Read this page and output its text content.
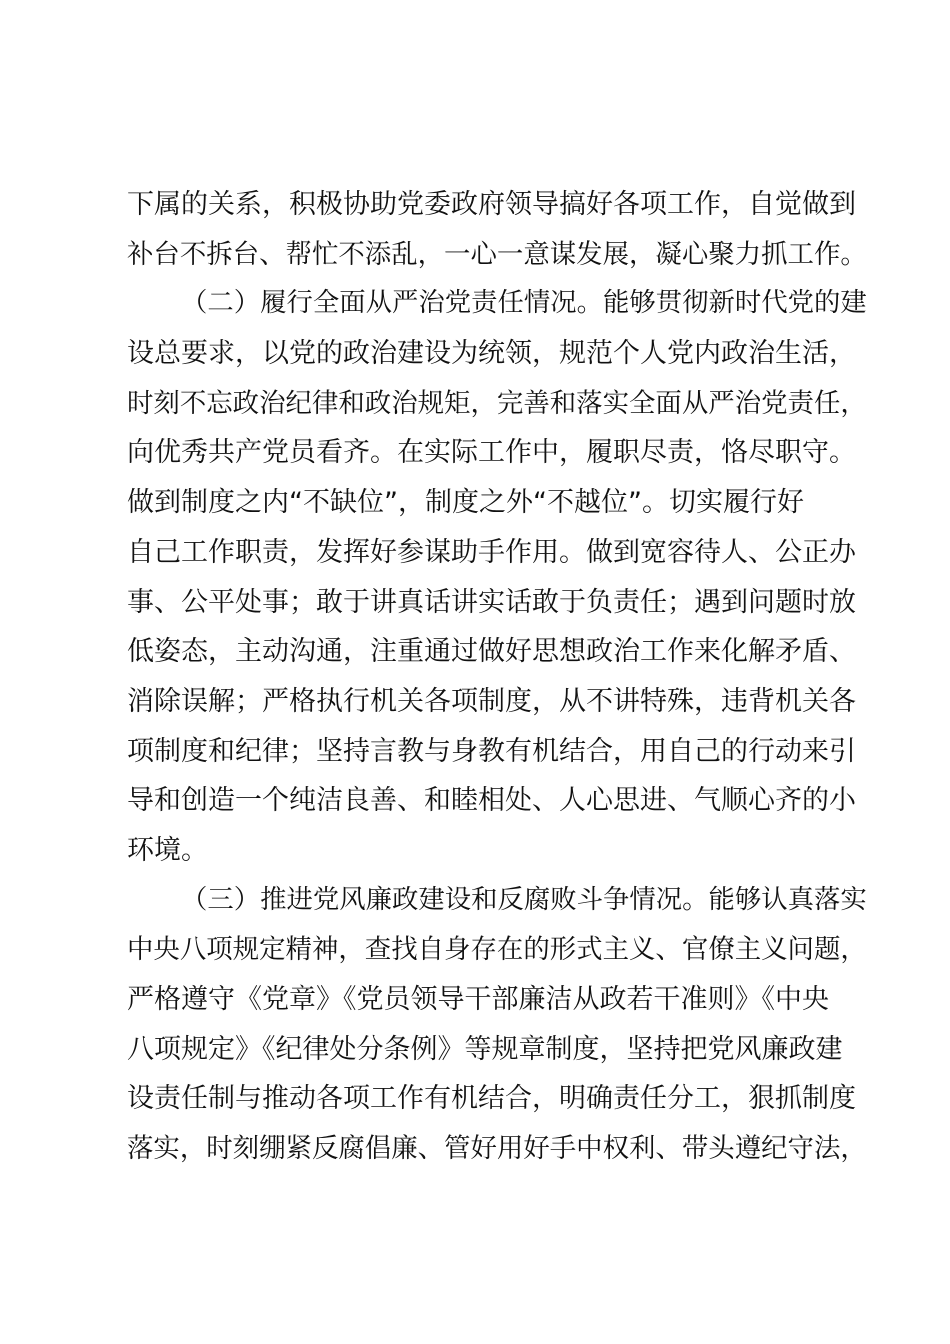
下属的关系，积极协助党委政府领导搞好各项工作，自觉做到
补台不拆台、帮忙不添乱，一心一意谋发展，凝心聚力抓工作。
（二）履行全面从严治党责任情况。能够贯彻新时代党的建
设总要求，以党的政治建设为统领，规范个人党内政治生活，
时刻不忘政治纪律和政治规矩，完善和落实全面从严治党责任，
向优秀共产党员看齐。在实际工作中，履职尽责，恪尽职守。
做到制度之内“不缺位”，制度之外“不越位”。切实履行好
自己工作职责，发挥好参谋助手作用。做到宽容待人、公正办
事、公平处事；敢于讲真话讲实话敢于负责任；遇到问题时放
低姿态，主动沟通，注重通过做好思想政治工作来化解矛盾、
消除误解；严格执行机关各项制度，从不讲特殊，违背机关各
项制度和纪律；坚持言教与身教有机结合，用自己的行动来引
导和创造一个纯洁良善、和睦相处、人心思进、气顺心齐的小
环境。
（三）推进党风廉政建设和反腐败斗争情况。能够认真落实
中央八项规定精神，查找自身存在的形式主义、官僚主义问题，
严格遵守《党章》《党员领导干部廉洁从政若干准则》《中央
八项规定》《纪律处分条例》等规章制度，坚持把党风廉政建
设责任制与推动各项工作有机结合，明确责任分工，狠抓制度
落实，时刻绷紧反腐倡廉、管好用好手中权利、带头遵纪守法，
